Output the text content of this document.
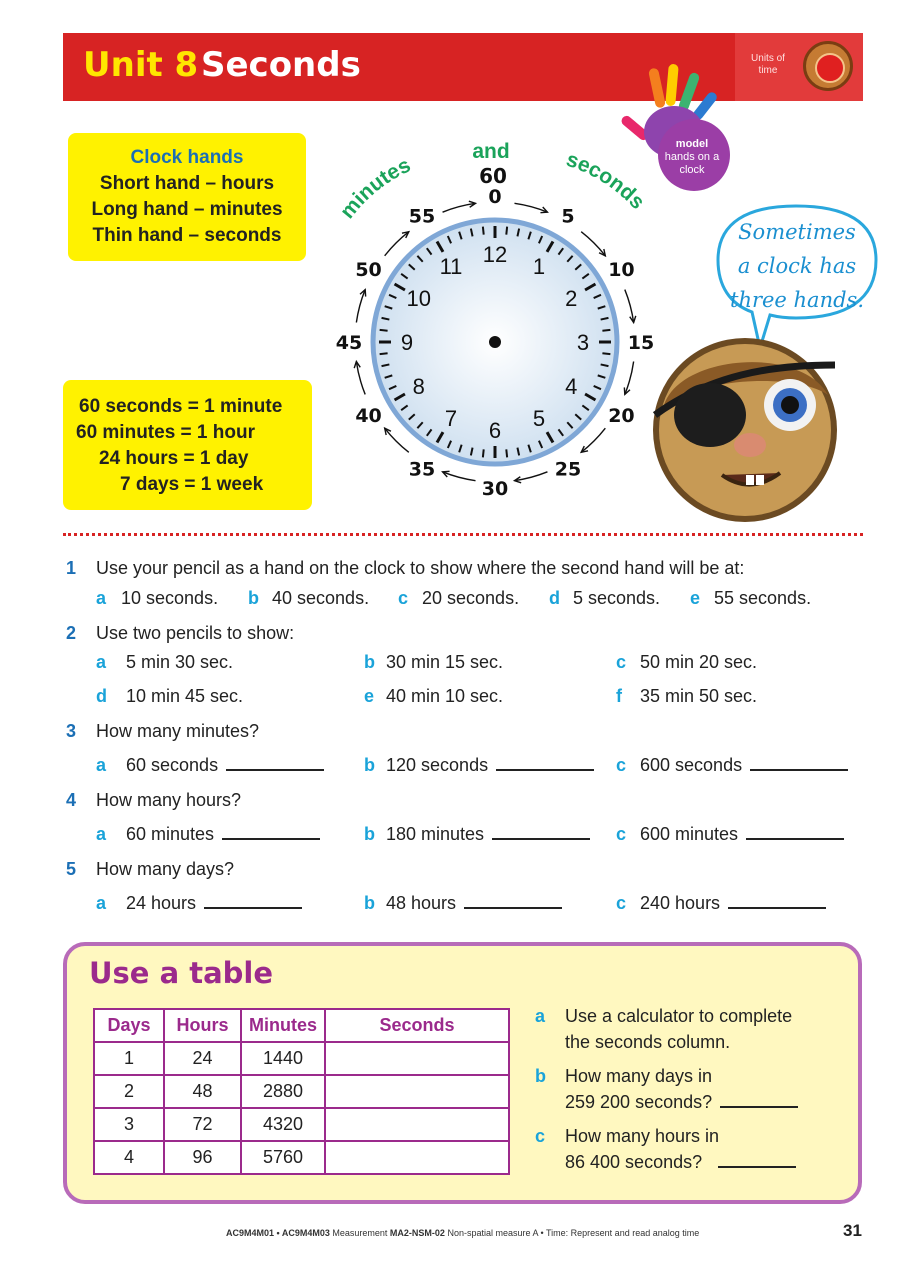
Unit 8 Seconds	Units of time
Clock hands
Short hand – hours
Long hand – minutes
Thin hand – seconds
60 seconds = 1 minute
60 minutes = 1 hour
24 hours = 1 day
7 days = 1 week
minutes
and	seconds
60
12 1
2
3
4
5
6
7
8
9
10
11
0
5
10
15
20
25
30
35
40
45
50
55
model
hands on a clock
Sometimes
a clock has
three hands.
1 Use your pencil as a hand on the clock to show where the second hand will be at:
a 10 seconds. b 40 seconds. c 20 seconds. d 5 seconds. e 55 seconds.
2 Use two pencils to show:
a 5 min 30 sec.	b 30 min 15 sec.	c 50 min 20 sec.
d 10 min 45 sec.	e 40 min 10 sec.	f 35 min 50 sec.
3 How many minutes?
a 60 seconds	b 120 seconds	c 600 seconds
4 How many hours?
a 60 minutes	b 180 minutes	c 600 minutes
5 How many days?
a 24 hours	b 48 hours	c 240 hours
Use a table
Days	Hours	Minutes	Seconds
1	24	1440	
2	48	2880	
3	72	4320	
4	96	5760	
a Use a calculator to complete
the seconds column.
b How many days in
259 200 seconds?
c How many hours in
86 400 seconds?
AC9M4M01 • AC9M4M03 Measurement MA2-NSM-02 Non-spatial measure A • Time: Represent and read analog time	31
